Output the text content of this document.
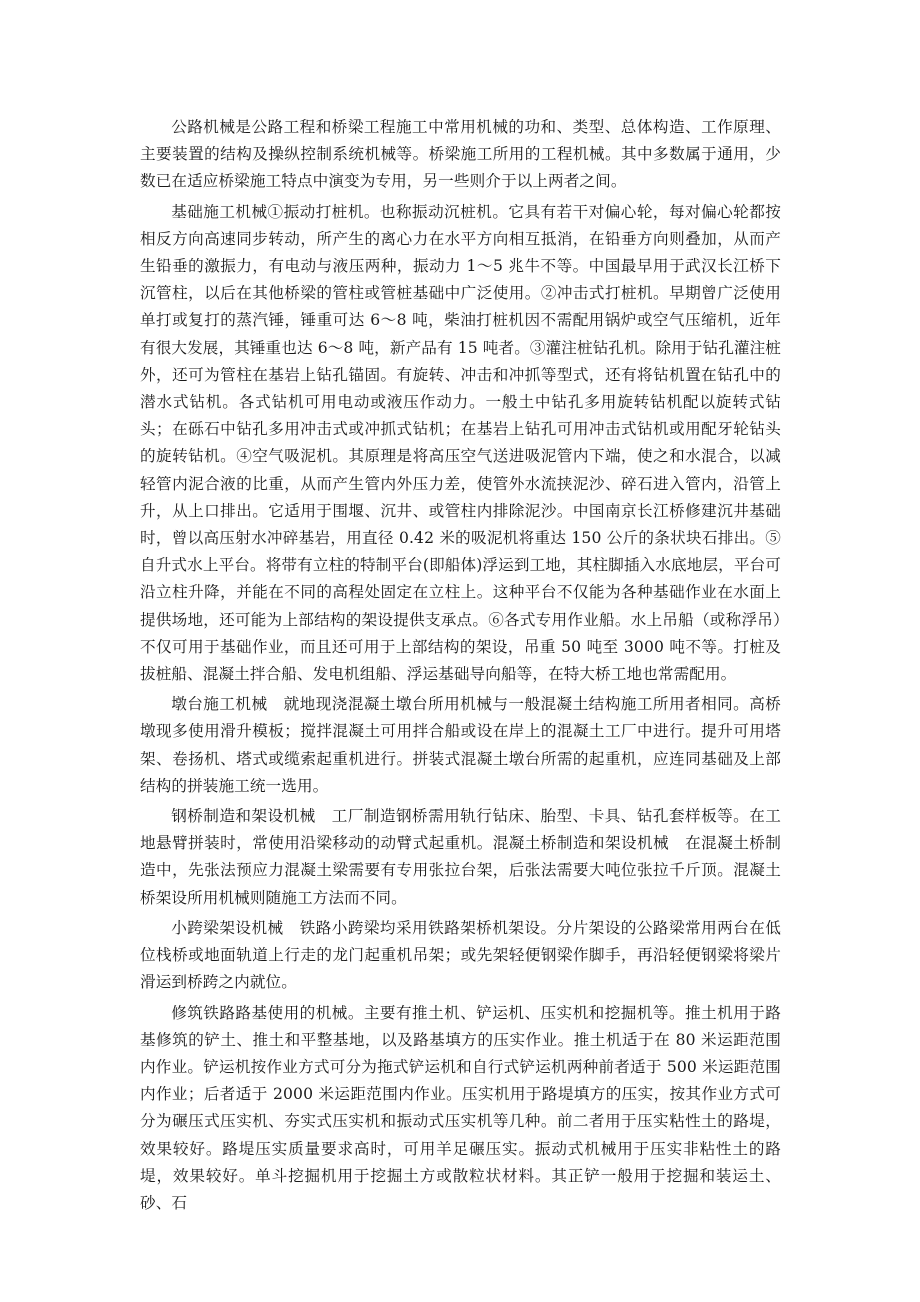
公路机械是公路工程和桥梁工程施工中常用机械的功和、类型、总体构造、工作原理、主要装置的结构及操纵控制系统机械等。桥梁施工所用的工程机械。其中多数属于通用，少数已在适应桥梁施工特点中演变为专用，另一些则介于以上两者之间。

基础施工机械①振动打桩机。也称振动沉桩机。它具有若干对偏心轮，每对偏心轮都按相反方向高速同步转动，所产生的离心力在水平方向相互抵消，在铅垂方向则叠加，从而产生铅垂的激振力，有电动与液压两种，振动力 1～5 兆牛不等。中国最早用于武汉长江桥下沉管柱，以后在其他桥梁的管柱或管桩基础中广泛使用。②冲击式打桩机。早期曾广泛使用单打或复打的蒸汽锤，锤重可达 6～8 吨，柴油打桩机因不需配用锅炉或空气压缩机，近年有很大发展，其锤重也达 6～8 吨，新产品有 15 吨者。③灌注桩钻孔机。除用于钻孔灌注桩外，还可为管柱在基岩上钻孔锚固。有旋转、冲击和冲抓等型式，还有将钻机置在钻孔中的潜水式钻机。各式钻机可用电动或液压作动力。一般土中钻孔多用旋转钻机配以旋转式钻头；在砾石中钻孔多用冲击式或冲抓式钻机；在基岩上钻孔可用冲击式钻机或用配牙轮钻头的旋转钻机。④空气吸泥机。其原理是将高压空气送进吸泥管内下端，使之和水混合，以减轻管内泥合液的比重，从而产生管内外压力差，使管外水流挟泥沙、碎石进入管内，沿管上升，从上口排出。它适用于围堰、沉井、或管柱内排除泥沙。中国南京长江桥修建沉井基础时，曾以高压射水冲碎基岩，用直径 0.42 米的吸泥机将重达 150 公斤的条状块石排出。⑤自升式水上平台。将带有立柱的特制平台(即船体)浮运到工地，其柱脚插入水底地层，平台可沿立柱升降，并能在不同的高程处固定在立柱上。这种平台不仅能为各种基础作业在水面上提供场地，还可能为上部结构的架设提供支承点。⑥各式专用作业船。水上吊船（或称浮吊）不仅可用于基础作业，而且还可用于上部结构的架设，吊重 50 吨至 3000 吨不等。打桩及拔桩船、混凝土拌合船、发电机组船、浮运基础导向船等，在特大桥工地也常需配用。

墩台施工机械　就地现浇混凝土墩台所用机械与一般混凝土结构施工所用者相同。高桥墩现多使用滑升模板；搅拌混凝土可用拌合船或设在岸上的混凝土工厂中进行。提升可用塔架、卷扬机、塔式或缆索起重机进行。拼装式混凝土墩台所需的起重机，应连同基础及上部结构的拼装施工统一选用。

钢桥制造和架设机械　工厂制造钢桥需用轨行钻床、胎型、卡具、钻孔套样板等。在工地悬臂拼装时，常使用沿梁移动的动臂式起重机。混凝土桥制造和架设机械　在混凝土桥制造中，先张法预应力混凝土梁需要有专用张拉台架，后张法需要大吨位张拉千斤顶。混凝土桥架设所用机械则随施工方法而不同。

小跨梁架设机械　铁路小跨梁均采用铁路架桥机架设。分片架设的公路梁常用两台在低位栈桥或地面轨道上行走的龙门起重机吊架；或先架轻便钢梁作脚手，再沿轻便钢梁将梁片滑运到桥跨之内就位。

修筑铁路路基使用的机械。主要有推土机、铲运机、压实机和挖掘机等。推土机用于路基修筑的铲土、推土和平整基地，以及路基填方的压实作业。推土机适于在 80 米运距范围内作业。铲运机按作业方式可分为拖式铲运机和自行式铲运机两种前者适于 500 米运距范围内作业；后者适于 2000 米运距范围内作业。压实机用于路堤填方的压实，按其作业方式可分为碾压式压实机、夯实式压实机和振动式压实机等几种。前二者用于压实粘性土的路堤，效果较好。路堤压实质量要求高时，可用羊足碾压实。振动式机械用于压实非粘性土的路堤，效果较好。单斗挖掘机用于挖掘土方或散粒状材料。其正铲一般用于挖掘和装运土、砂、石
